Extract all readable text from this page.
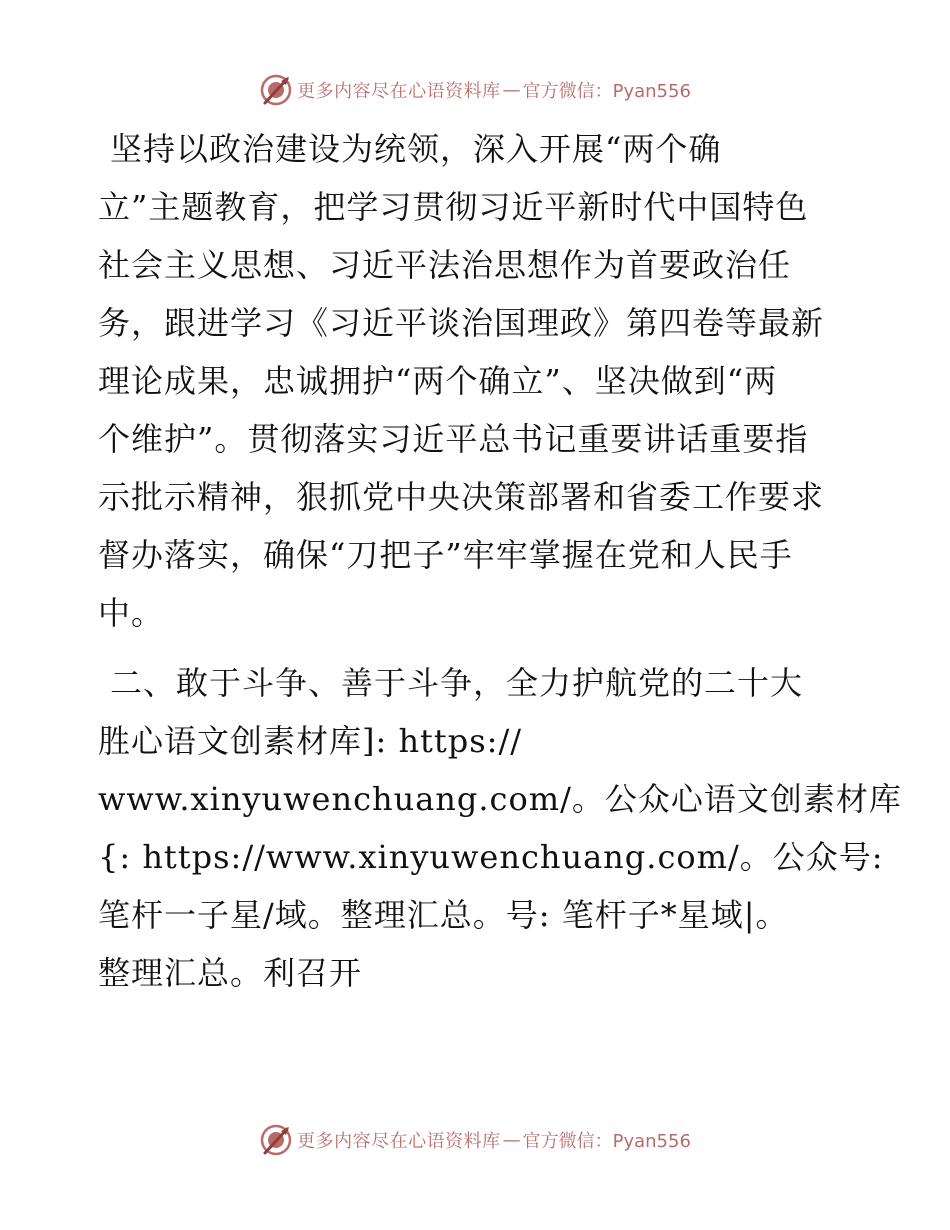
更多内容尽在心语资料库 — 官方微信：Pyan556
坚持以政治建设为统领，深入开展“两个确
立”主题教育，把学习贯彻习近平新时代中国特色
社会主义思想、习近平法治思想作为首要政治任
务，跟进学习《习近平谈治国理政》第四卷等最新
理论成果，忠诚拥护“两个确立”、坚决做到“两
个维护”。贯彻落实习近平总书记重要讲话重要指
示批示精神，狠抓党中央决策部署和省委工作要求
督办落实，确保“刀把子”牢牢掌握在党和人民手
中。
二、敢于斗争、善于斗争，全力护航党的二十大
胜心语文创素材库]: https://
www.xinyuwenchuang.com/。公众心语文创素材库
{: https://www.xinyuwenchuang.com/。公众号:
笔杆一子星/域。整理汇总。号: 笔杆子*星域|。
整理汇总。利召开
更多内容尽在心语资料库 — 官方微信：Pyan556
